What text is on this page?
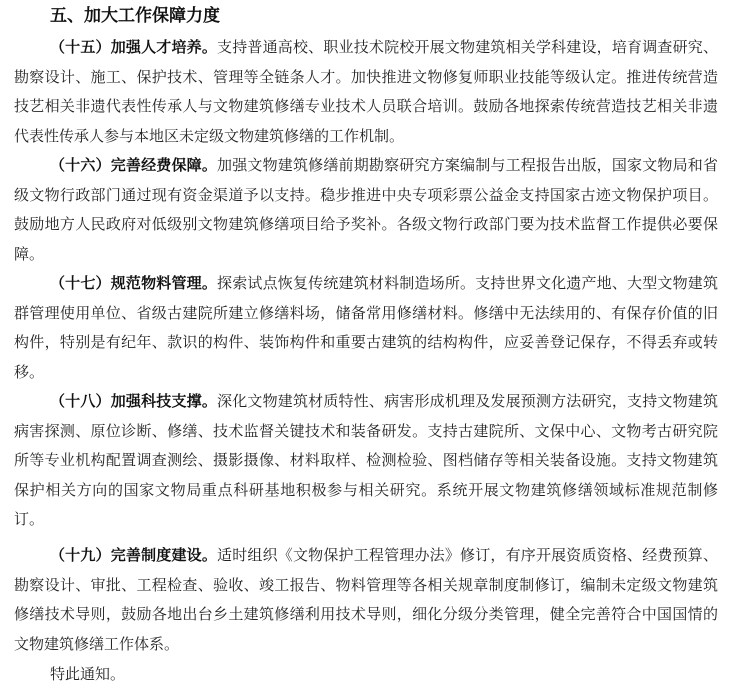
五、加大工作保障力度

（十五）加强人才培养。支持普通高校、职业技术院校开展文物建筑相关学科建设，培育调查研究、勘察设计、施工、保护技术、管理等全链条人才。加快推进文物修复师职业技能等级认定。推进传统营造技艺相关非遗代表性传承人与文物建筑修缮专业技术人员联合培训。鼓励各地探索传统营造技艺相关非遗代表性传承人参与本地区未定级文物建筑修缮的工作机制。

（十六）完善经费保障。加强文物建筑修缮前期勘察研究方案编制与工程报告出版，国家文物局和省级文物行政部门通过现有资金渠道予以支持。稳步推进中央专项彩票公益金支持国家古迹文物保护项目。鼓励地方人民政府对低级别文物建筑修缮项目给予奖补。各级文物行政部门要为技术监督工作提供必要保障。

（十七）规范物料管理。探索试点恢复传统建筑材料制造场所。支持世界文化遗产地、大型文物建筑群管理使用单位、省级古建院所建立修缮料场，储备常用修缮材料。修缮中无法续用的、有保存价值的旧构件，特别是有纪年、款识的构件、装饰构件和重要古建筑的结构构件，应妥善登记保存，不得丢弃或转移。

（十八）加强科技支撑。深化文物建筑材质特性、病害形成机理及发展预测方法研究，支持文物建筑病害探测、原位诊断、修缮、技术监督关键技术和装备研发。支持古建院所、文保中心、文物考古研究院所等专业机构配置调查测绘、摄影摄像、材料取样、检测检验、图档储存等相关装备设施。支持文物建筑保护相关方向的国家文物局重点科研基地积极参与相关研究。系统开展文物建筑修缮领域标准规范制修订。

（十九）完善制度建设。适时组织《文物保护工程管理办法》修订，有序开展资质资格、经费预算、勘察设计、审批、工程检查、验收、竣工报告、物料管理等各相关规章制度制修订，编制未定级文物建筑修缮技术导则，鼓励各地出台乡土建筑修缮利用技术导则，细化分级分类管理，健全完善符合中国国情的文物建筑修缮工作体系。

特此通知。
